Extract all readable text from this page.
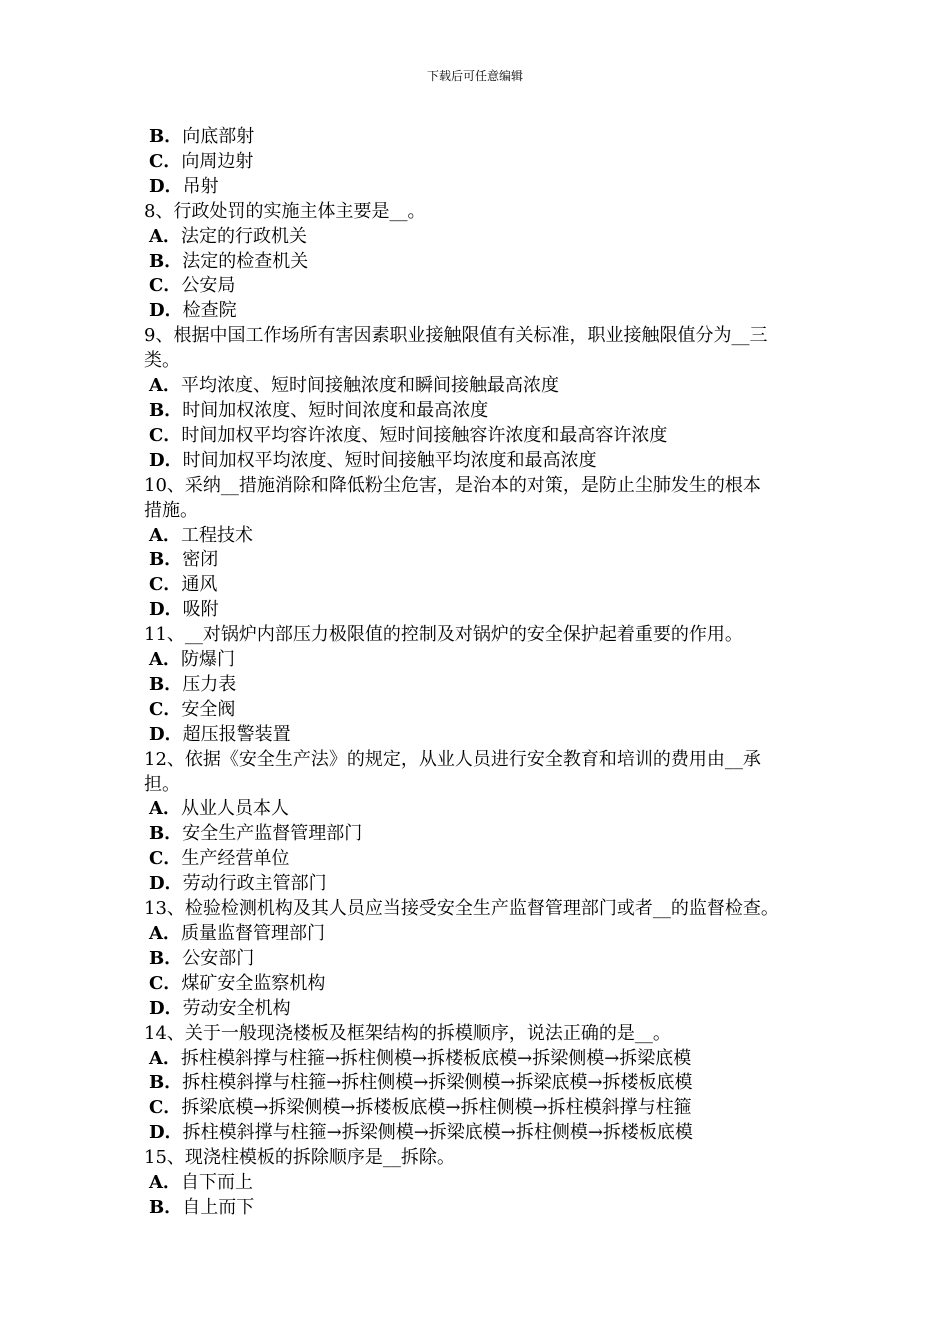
下载后可任意编辑
B．向底部射
C．向周边射
D．吊射
8、行政处罚的实施主体主要是__。
A．法定的行政机关
B．法定的检查机关
C．公安局
D．检查院
9、根据中国工作场所有害因素职业接触限值有关标准，职业接触限值分为__三
类。
A．平均浓度、短时间接触浓度和瞬间接触最高浓度
B．时间加权浓度、短时间浓度和最高浓度
C．时间加权平均容许浓度、短时间接触容许浓度和最高容许浓度
D．时间加权平均浓度、短时间接触平均浓度和最高浓度
10、采纳__措施消除和降低粉尘危害，是治本的对策，是防止尘肺发生的根本
措施。
A．工程技术
B．密闭
C．通风
D．吸附
11、__对锅炉内部压力极限值的控制及对锅炉的安全保护起着重要的作用。
A．防爆门
B．压力表
C．安全阀
D．超压报警装置
12、依据《安全生产法》的规定，从业人员进行安全教育和培训的费用由__承
担。
A．从业人员本人
B．安全生产监督管理部门
C．生产经营单位
D．劳动行政主管部门
13、检验检测机构及其人员应当接受安全生产监督管理部门或者__的监督检查。
A．质量监督管理部门
B．公安部门
C．煤矿安全监察机构
D．劳动安全机构
14、关于一般现浇楼板及框架结构的拆模顺序，说法正确的是__。
A．拆柱模斜撑与柱箍→拆柱侧模→拆楼板底模→拆梁侧模→拆梁底模
B．拆柱模斜撑与柱箍→拆柱侧模→拆梁侧模→拆梁底模→拆楼板底模
C．拆梁底模→拆梁侧模→拆楼板底模→拆柱侧模→拆柱模斜撑与柱箍
D．拆柱模斜撑与柱箍→拆梁侧模→拆梁底模→拆柱侧模→拆楼板底模
15、现浇柱模板的拆除顺序是__拆除。
A．自下而上
B．自上而下
